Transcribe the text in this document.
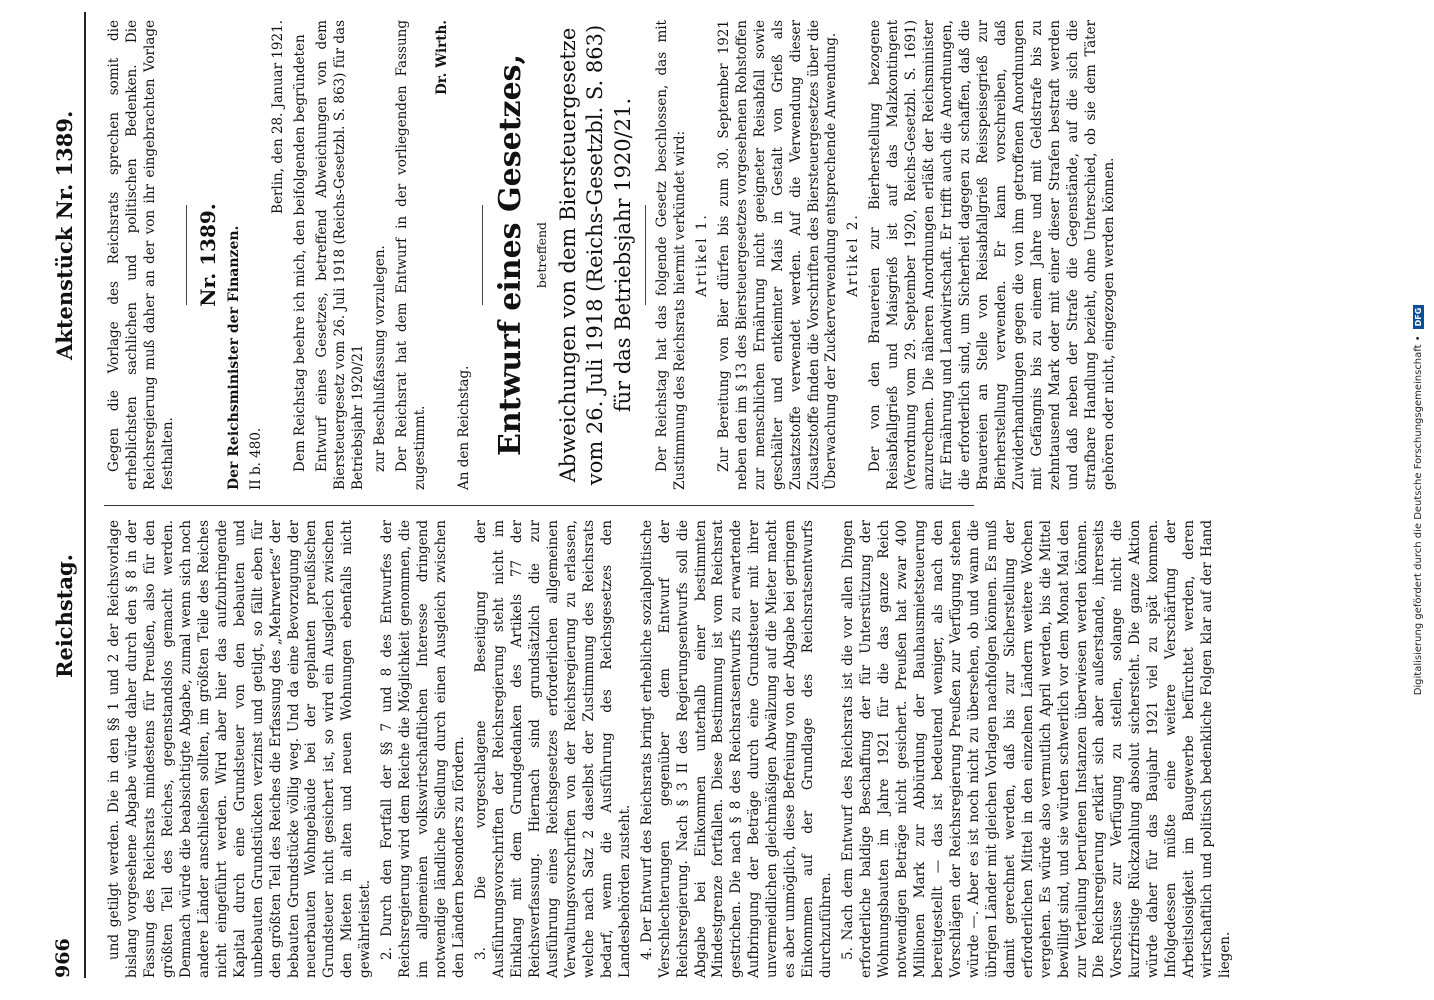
966
Reichstag.
Aktenstück Nr. 1389.

und getilgt werden. Die in den §§ 1 und 2 der Reichsvorlage bislang vorgesehene Abgabe würde daher durch den § 8 in der Fassung des Reichsrats mindestens für Preußen, also für den größten Teil des Reiches, gegenstandslos gemacht werden. Demnach würde die beabsichtigte Abgabe, zumal wenn sich noch andere Länder anschließen sollten, im größten Teile des Reiches nicht eingeführt werden. Wird aber hier das aufzubringende Kapital durch eine Grundsteuer von den bebauten und unbebauten Grundstücken verzinst und getilgt, so fällt eben für den größten Teil des Reiches die Erfassung des „Mehrwertes“ der bebauten Grundstücke völlig weg. Und da eine Bevorzugung der neuerbauten Wohngebäude bei der geplanten preußischen Grundsteuer nicht gesichert ist, so wird ein Ausgleich zwischen den Mieten in alten und neuen Wohnungen ebenfalls nicht gewährleistet. 2. Durch den Fortfall der §§ 7 und 8 des Entwurfes der Reichsregierung wird dem Reiche die Möglichkeit genommen, die im allgemeinen volkswirtschaftlichen Interesse dringend notwendige ländliche Siedlung durch einen Ausgleich zwischen den Ländern besonders zu fördern. 3. Die vorgeschlagene Beseitigung der Ausführungsvorschriften der Reichsregierung steht nicht im Einklang mit dem Grundgedanken des Artikels 77 der Reichsverfassung. Hiernach sind grundsätzlich die zur Ausführung eines Reichsgesetzes erforderlichen allgemeinen Verwaltungsvorschriften von der Reichsregierung zu erlassen, welche nach Satz 2 daselbst der Zustimmung des Reichsrats bedarf, wenn die Ausführung des Reichsgesetzes den Landesbehörden zusteht. 4. Der Entwurf des Reichsrats bringt erhebliche sozialpolitische Verschlechterungen gegenüber dem Entwurf der Reichsregierung. Nach § 3 II des Regierungsentwurfs soll die Abgabe bei Einkommen unterhalb einer bestimmten Mindestgrenze fortfallen. Diese Bestimmung ist vom Reichsrat gestrichen. Die nach § 8 des Reichsratsentwurfs zu erwartende Aufbringung der Beträge durch eine Grundsteuer mit ihrer unvermeidlichen gleichmäßigen Abwälzung auf die Mieter macht es aber unmöglich, diese Befreiung von der Abgabe bei geringem Einkommen auf der Grundlage des Reichsratsentwurfs durchzuführen. 5. Nach dem Entwurf des Reichsrats ist die vor allen Dingen erforderliche baldige Beschaffung der für Unterstützung der Wohnungsbauten im Jahre 1921 für die das ganze Reich notwendigen Beträge nicht gesichert. Preußen hat zwar 400 Millionen Mark zur Abbürdung der Bauhausmietsteuerung bereitgestellt — das ist bedeutend weniger, als nach den Vorschlägen der Reichsregierung Preußen zur Verfügung stehen würde —. Aber es ist noch nicht zu übersehen, ob und wann die übrigen Länder mit gleichen Vorlagen nachfolgen können. Es muß damit gerechnet werden, daß bis zur Sicherstellung der erforderlichen Mittel in den einzelnen Ländern weitere Wochen vergehen. Es würde also vermutlich April werden, bis die Mittel bewilligt sind, und sie würden schwerlich vor dem Monat Mai den zur Verteilung berufenen Instanzen überwiesen werden können. Die Reichsregierung erklärt sich aber außerstande, ihrerseits Vorschüsse zur Verfügung zu stellen, solange nicht die kurzfristige Rückzahlung absolut sichersteht. Die ganze Aktion würde daher für das Baujahr 1921 viel zu spät kommen. Infolgedessen müßte eine weitere Verschärfung der Arbeitslosigkeit im Baugewerbe befürchtet werden, deren wirtschaftlich und politisch bedenkliche Folgen klar auf der Hand liegen.

Gegen die Vorlage des Reichsrats sprechen somit die erheblichsten sachlichen und politischen Bedenken. Die Reichsregierung muß daher an der von ihr eingebrachten Vorlage festhalten.

Nr. 1389. Der Reichsminister der Finanzen. II b. 480.

Berlin, den 28. Januar 1921. Dem Reichstag beehre ich mich, den beifolgenden begründeten Entwurf eines Gesetzes, betreffend Abweichungen von dem Biersteuergesetz vom 26. Juli 1918 (Reichs-Gesetzbl. S. 863) für das Betriebsjahr 1920/21 zur Beschlußfassung vorzulegen. Der Reichsrat hat dem Entwurf in der vorliegenden Fassung zugestimmt.

Dr. Wirth.

An den Reichstag. Entwurf eines Gesetzes, betreffend Abweichungen von dem Biersteuergesetze vom 26. Juli 1918 (Reichs-Gesetzbl. S. 863) für das Betriebsjahr 1920/21. Der Reichstag hat das folgende Gesetz beschlossen, das mit Zustimmung des Reichsrats hiermit verkündet wird: Artikel 1. Zur Bereitung von Bier dürfen bis zum 30. September 1921 neben den im § 13 des Biersteuergesetzes vorgesehenen Rohstoffen zur menschlichen Ernährung nicht geeigneter Reisabfall sowie geschälter und entkeimter Mais in Gestalt von Grieß als Zusatzstoffe verwendet werden. Auf die Verwendung dieser Zusatzstoffe finden die Vorschriften des Biersteuergesetzes über die Überwachung der Zuckerverwendung entsprechende Anwendung. Artikel 2. Der von den Brauereien zur Bierherstellung bezogene Reisabfallgrieß und Maisgrieß ist auf das Malzkontingent (Verordnung vom 29. September 1920, Reichs-Gesetzbl. S. 1691) anzurechnen. Die näheren Anordnungen erläßt der Reichsminister für Ernährung und Landwirtschaft. Er trifft auch die Anordnungen, die erforderlich sind, um Sicherheit dagegen zu schaffen, daß die Brauereien an Stelle von Reisabfallgrieß Reisspeisegrieß zur Bierherstellung verwenden. Er kann vorschreiben, daß Zuwiderhandlungen gegen die von ihm getroffenen Anordnungen mit Gefängnis bis zu einem Jahre und mit Geldstrafe bis zu zehntausend Mark oder mit einer dieser Strafen bestraft werden und daß neben der Strafe die Gegenstände, auf die sich die strafbare Handlung bezieht, ohne Unterschied, ob sie dem Täter gehören oder nicht, eingezogen werden können.

Digitalisierung gefördert durch die Deutsche Forschungsgemeinschaft •
DFG
